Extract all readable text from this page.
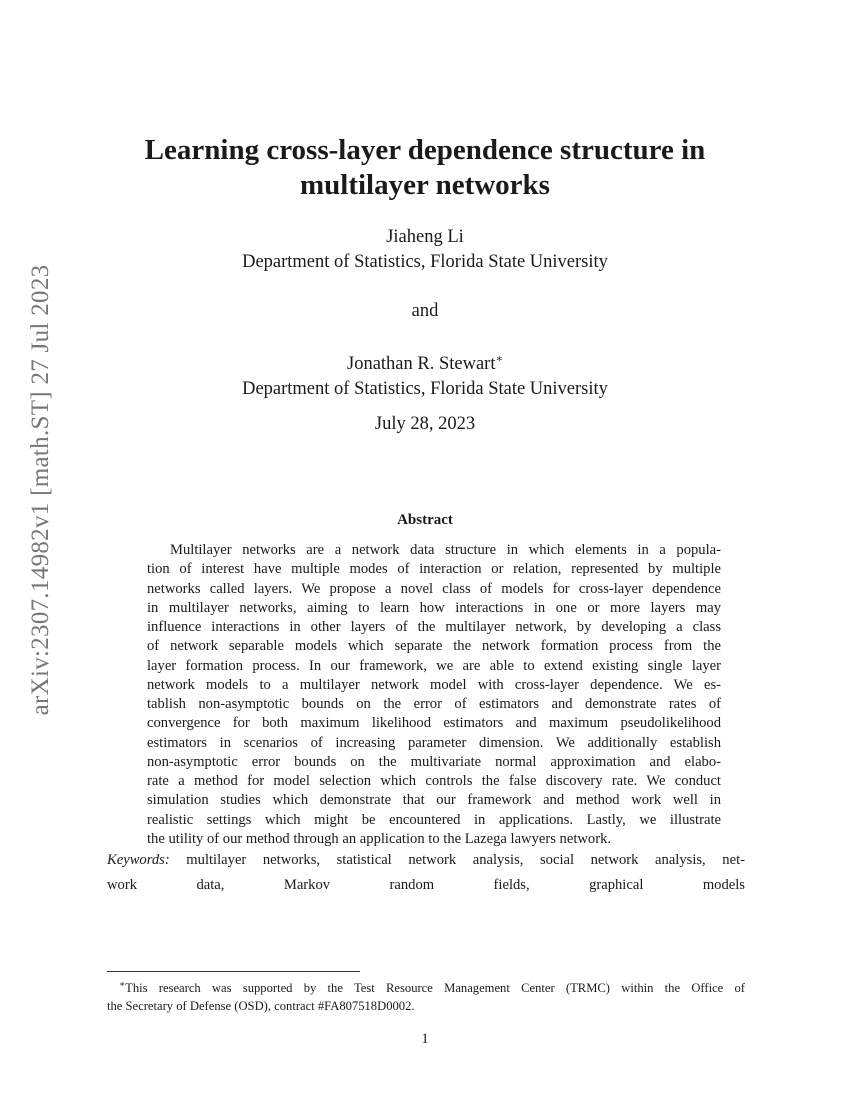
arXiv:2307.14982v1 [math.ST] 27 Jul 2023
Learning cross-layer dependence structure in
multilayer networks
Jiaheng Li
Department of Statistics, Florida State University
and
Jonathan R. Stewart∗
Department of Statistics, Florida State University
July 28, 2023
Abstract
Multilayer networks are a network data structure in which elements in a popula-
tion of interest have multiple modes of interaction or relation, represented by multiple
networks called layers. We propose a novel class of models for cross-layer dependence
in multilayer networks, aiming to learn how interactions in one or more layers may
influence interactions in other layers of the multilayer network, by developing a class
of network separable models which separate the network formation process from the
layer formation process. In our framework, we are able to extend existing single layer
network models to a multilayer network model with cross-layer dependence. We es-
tablish non-asymptotic bounds on the error of estimators and demonstrate rates of
convergence for both maximum likelihood estimators and maximum pseudolikelihood
estimators in scenarios of increasing parameter dimension. We additionally establish
non-asymptotic error bounds on the multivariate normal approximation and elabo-
rate a method for model selection which controls the false discovery rate. We conduct
simulation studies which demonstrate that our framework and method work well in
realistic settings which might be encountered in applications. Lastly, we illustrate
the utility of our method through an application to the Lazega lawyers network.
Keywords: multilayer networks, statistical network analysis, social network analysis, net-
work data, Markov random fields, graphical models
∗This research was supported by the Test Resource Management Center (TRMC) within the Office of
the Secretary of Defense (OSD), contract #FA807518D0002.
1
